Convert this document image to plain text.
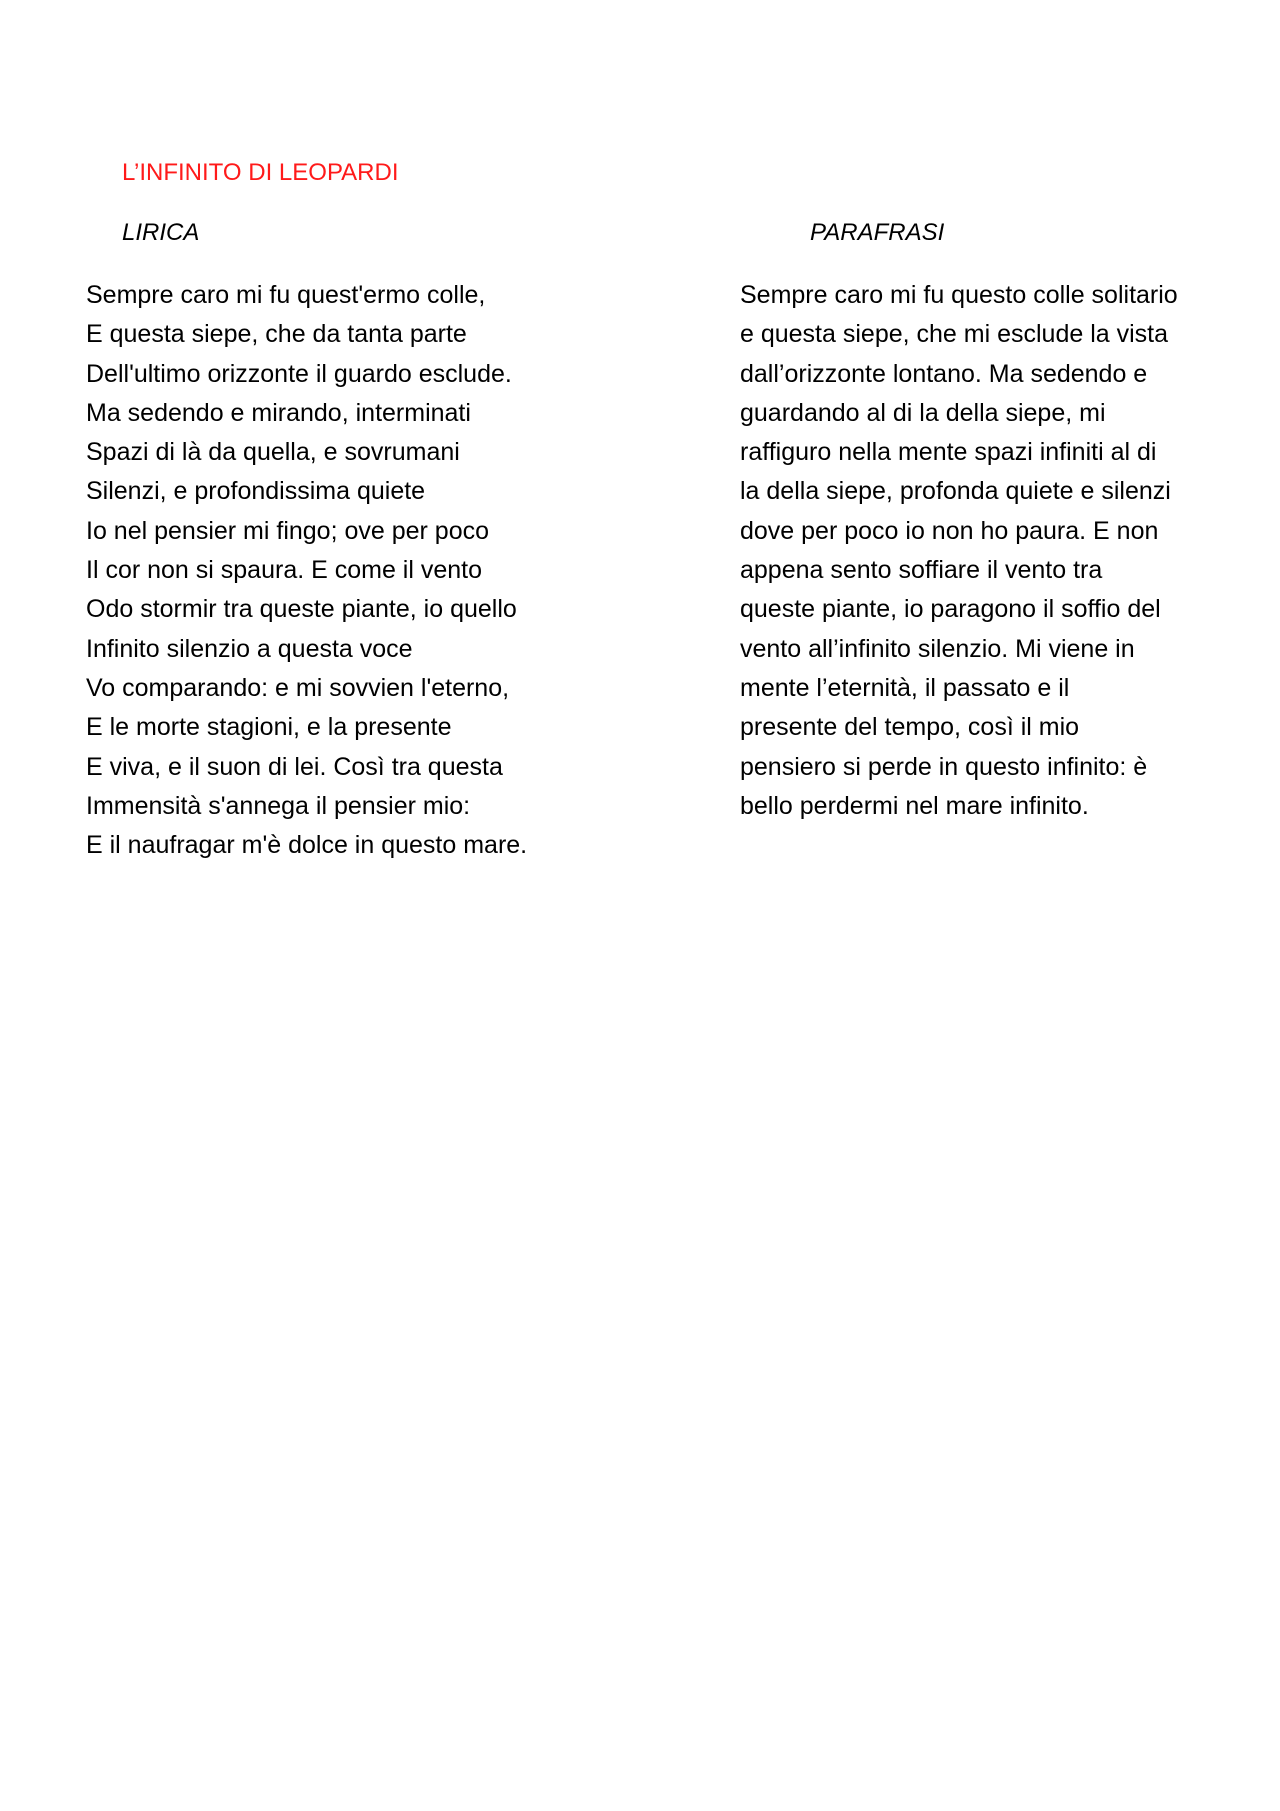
L’INFINITO DI LEOPARDI
LIRICA	PARAFRASI
Sempre caro mi fu quest'ermo colle,
E questa siepe, che da tanta parte
Dell'ultimo orizzonte il guardo esclude.
Ma sedendo e mirando, interminati
Spazi di là da quella, e sovrumani
Silenzi, e profondissima quiete
Io nel pensier mi fingo; ove per poco
Il cor non si spaura. E come il vento
Odo stormir tra queste piante, io quello
Infinito silenzio a questa voce
Vo comparando: e mi sovvien l'eterno,
E le morte stagioni, e la presente
E viva, e il suon di lei. Così tra questa
Immensità s'annega il pensier mio:
E il naufragar m'è dolce in questo mare.
Sempre caro mi fu questo colle solitario
e questa siepe, che mi esclude la vista
dall’orizzonte lontano. Ma sedendo e
guardando al di la della siepe, mi
raffiguro nella mente spazi infiniti al di
la della siepe, profonda quiete e silenzi
dove per poco io non ho paura. E non
appena sento soffiare il vento tra
queste piante, io paragono il soffio del
vento all’infinito silenzio. Mi viene in
mente l’eternità, il passato e il
presente del tempo, così il mio
pensiero si perde in questo infinito: è
bello perdermi nel mare infinito.
